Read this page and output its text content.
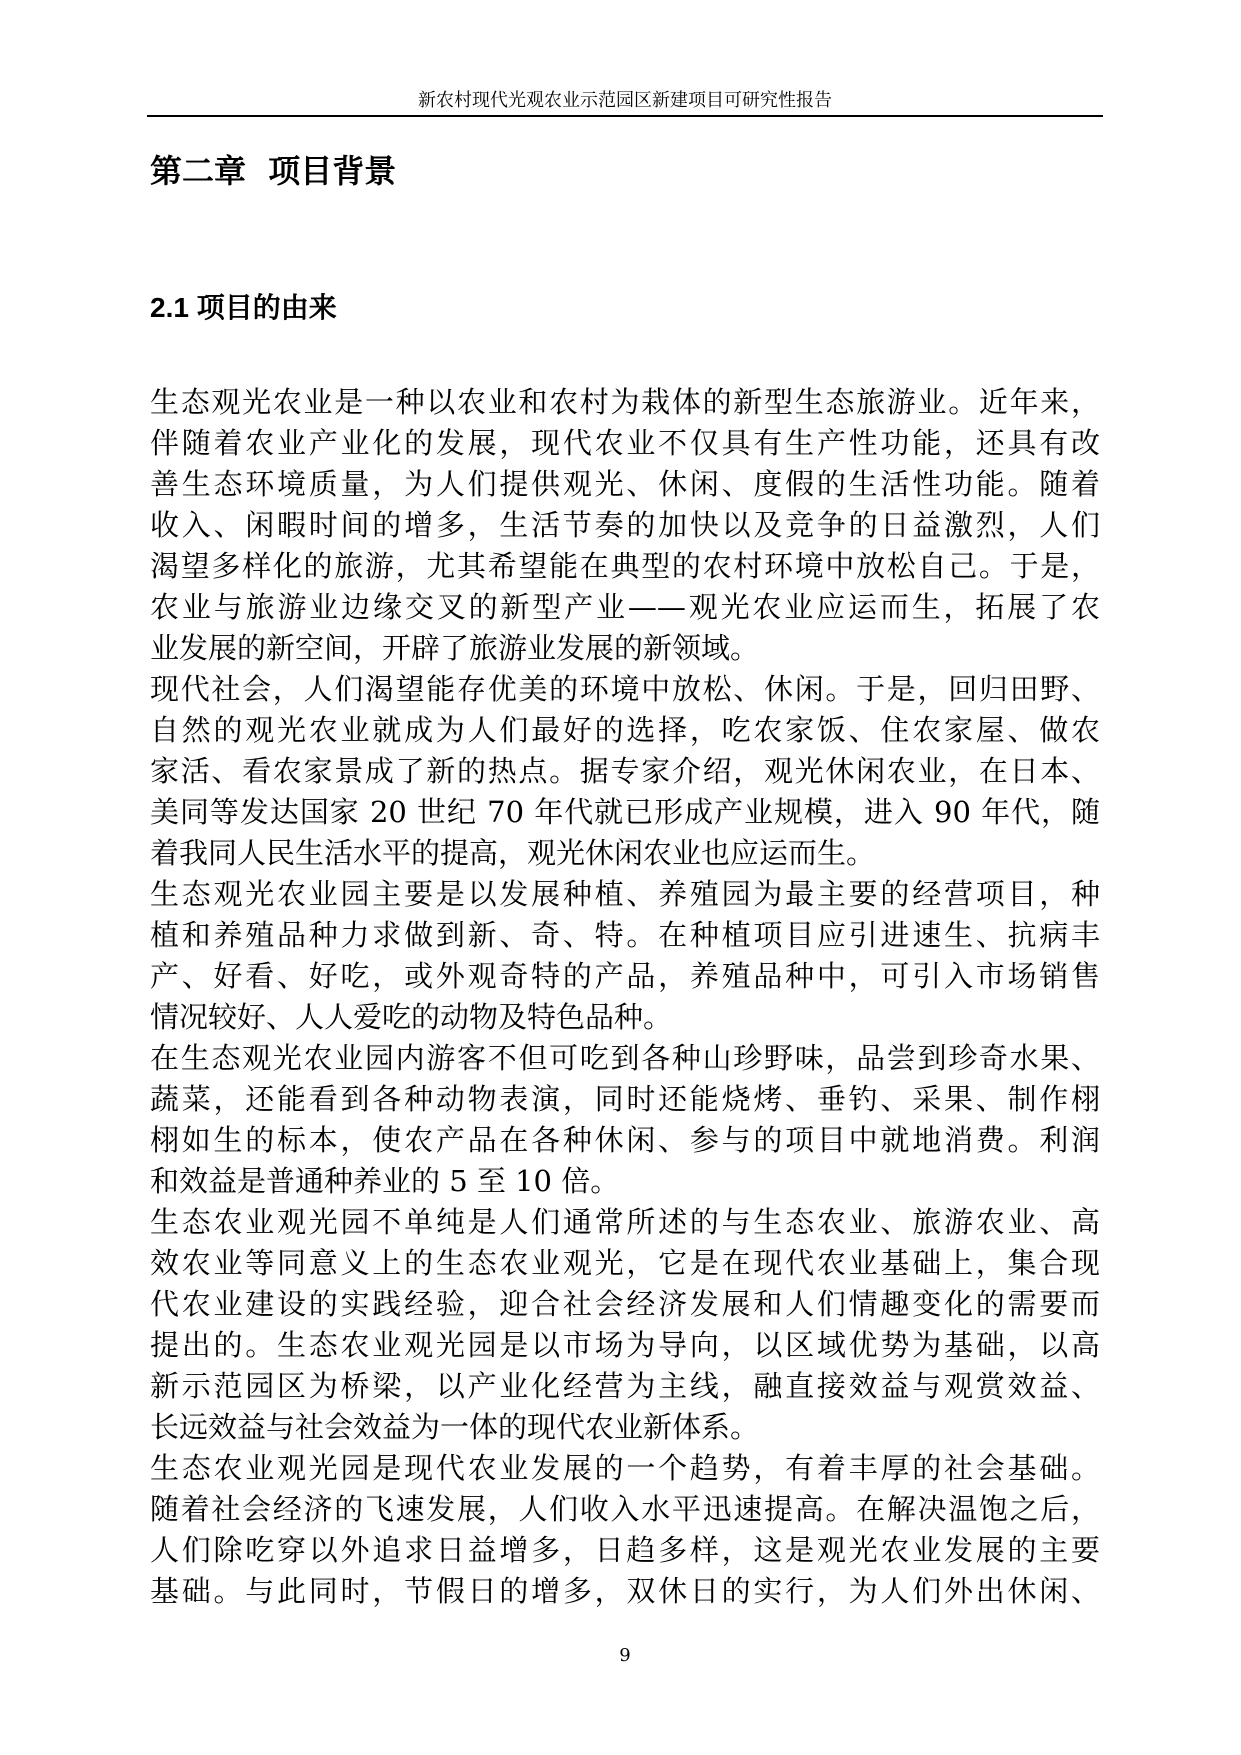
新农村现代光观农业示范园区新建项目可研究性报告
第二章  项目背景
2.1 项目的由来
生态观光农业是一种以农业和农村为栽体的新型生态旅游业。近年来，
伴随着农业产业化的发展，现代农业不仅具有生产性功能，还具有改
善生态环境质量，为人们提供观光、休闲、度假的生活性功能。随着
收入、闲暇时间的增多，生活节奏的加快以及竞争的日益激烈，人们
渴望多样化的旅游，尤其希望能在典型的农村环境中放松自己。于是，
农业与旅游业边缘交叉的新型产业——观光农业应运而生，拓展了农
业发展的新空间，开辟了旅游业发展的新领域。
现代社会，人们渴望能存优美的环境中放松、休闲。于是，回归田野、
自然的观光农业就成为人们最好的选择，吃农家饭、住农家屋、做农
家活、看农家景成了新的热点。据专家介绍，观光休闲农业，在日本、
美同等发达国家 20 世纪 70 年代就已形成产业规模，进入 90 年代，随
着我同人民生活水平的提高，观光休闲农业也应运而生。
生态观光农业园主要是以发展种植、养殖园为最主要的经营项目，种
植和养殖品种力求做到新、奇、特。在种植项目应引进速生、抗病丰
产、好看、好吃，或外观奇特的产品，养殖品种中，可引入市场销售
情况较好、人人爱吃的动物及特色品种。
在生态观光农业园内游客不但可吃到各种山珍野味，品尝到珍奇水果、
蔬菜，还能看到各种动物表演，同时还能烧烤、垂钓、采果、制作栩
栩如生的标本，使农产品在各种休闲、参与的项目中就地消费。利润
和效益是普通种养业的 5 至 10 倍。
生态农业观光园不单纯是人们通常所述的与生态农业、旅游农业、高
效农业等同意义上的生态农业观光，它是在现代农业基础上，集合现
代农业建设的实践经验，迎合社会经济发展和人们情趣变化的需要而
提出的。生态农业观光园是以市场为导向，以区域优势为基础，以高
新示范园区为桥梁，以产业化经营为主线，融直接效益与观赏效益、
长远效益与社会效益为一体的现代农业新体系。
生态农业观光园是现代农业发展的一个趋势，有着丰厚的社会基础。
随着社会经济的飞速发展，人们收入水平迅速提高。在解决温饱之后，
人们除吃穿以外追求日益增多，日趋多样，这是观光农业发展的主要
基础。与此同时，节假日的增多，双休日的实行，为人们外出休闲、
9
